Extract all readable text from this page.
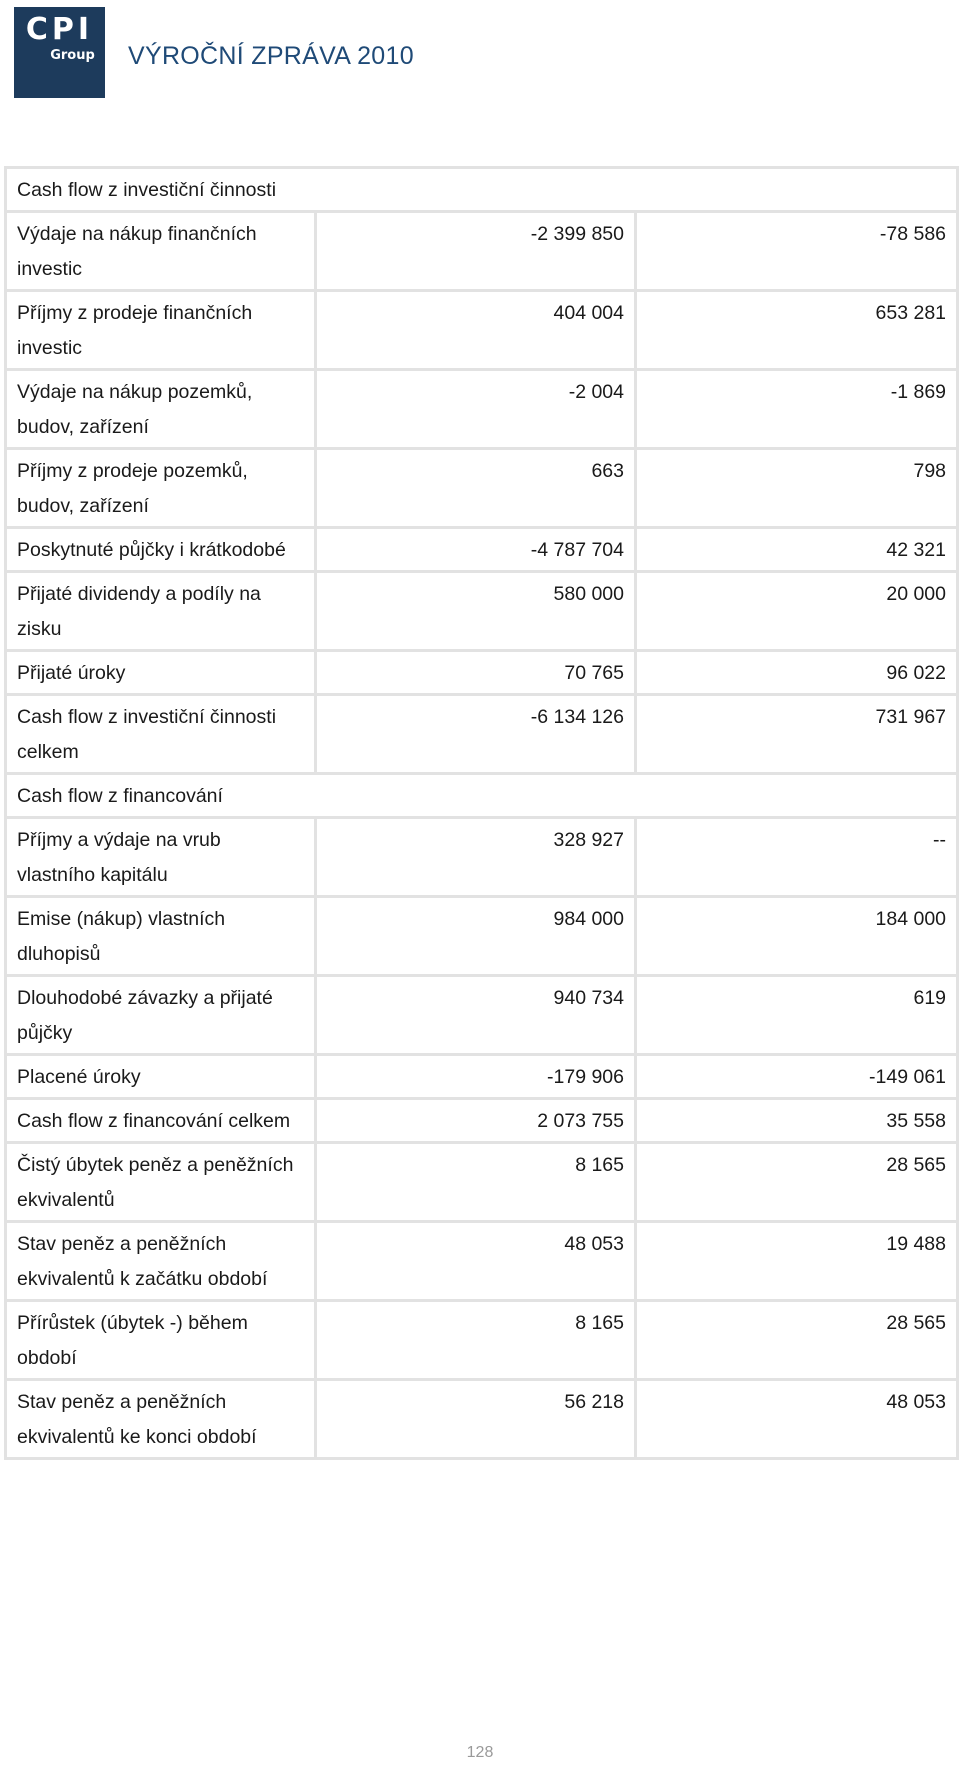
CPI
Group VÝROČNÍ ZPRÁVA 2010
Cash flow z investiční činnosti		
Výdaje na nákup finančních investic	-2 399 850	-78 586
Příjmy z prodeje finančních investic	404 004	653 281
Výdaje na nákup pozemků, budov, zařízení	-2 004	-1 869
Příjmy z prodeje pozemků, budov, zařízení	663	798
Poskytnuté půjčky i krátkodobé	-4 787 704	42 321
Přijaté dividendy a podíly na zisku	580 000	20 000
Přijaté úroky	70 765	96 022
Cash flow z investiční činnosti celkem	-6 134 126	731 967
Cash flow z financování		
Příjmy a výdaje na vrub vlastního kapitálu	328 927	--
Emise (nákup) vlastních dluhopisů	984 000	184 000
Dlouhodobé závazky a přijaté půjčky	940 734	619
Placené úroky	-179 906	-149 061
Cash flow z financování celkem	2 073 755	35 558
Čistý úbytek peněz a peněžních ekvivalentů	8 165	28 565
Stav peněz a peněžních ekvivalentů k začátku období	48 053	19 488
Přírůstek (úbytek -) během období	8 165	28 565
Stav peněz a peněžních ekvivalentů ke konci období	56 218	48 053
128
